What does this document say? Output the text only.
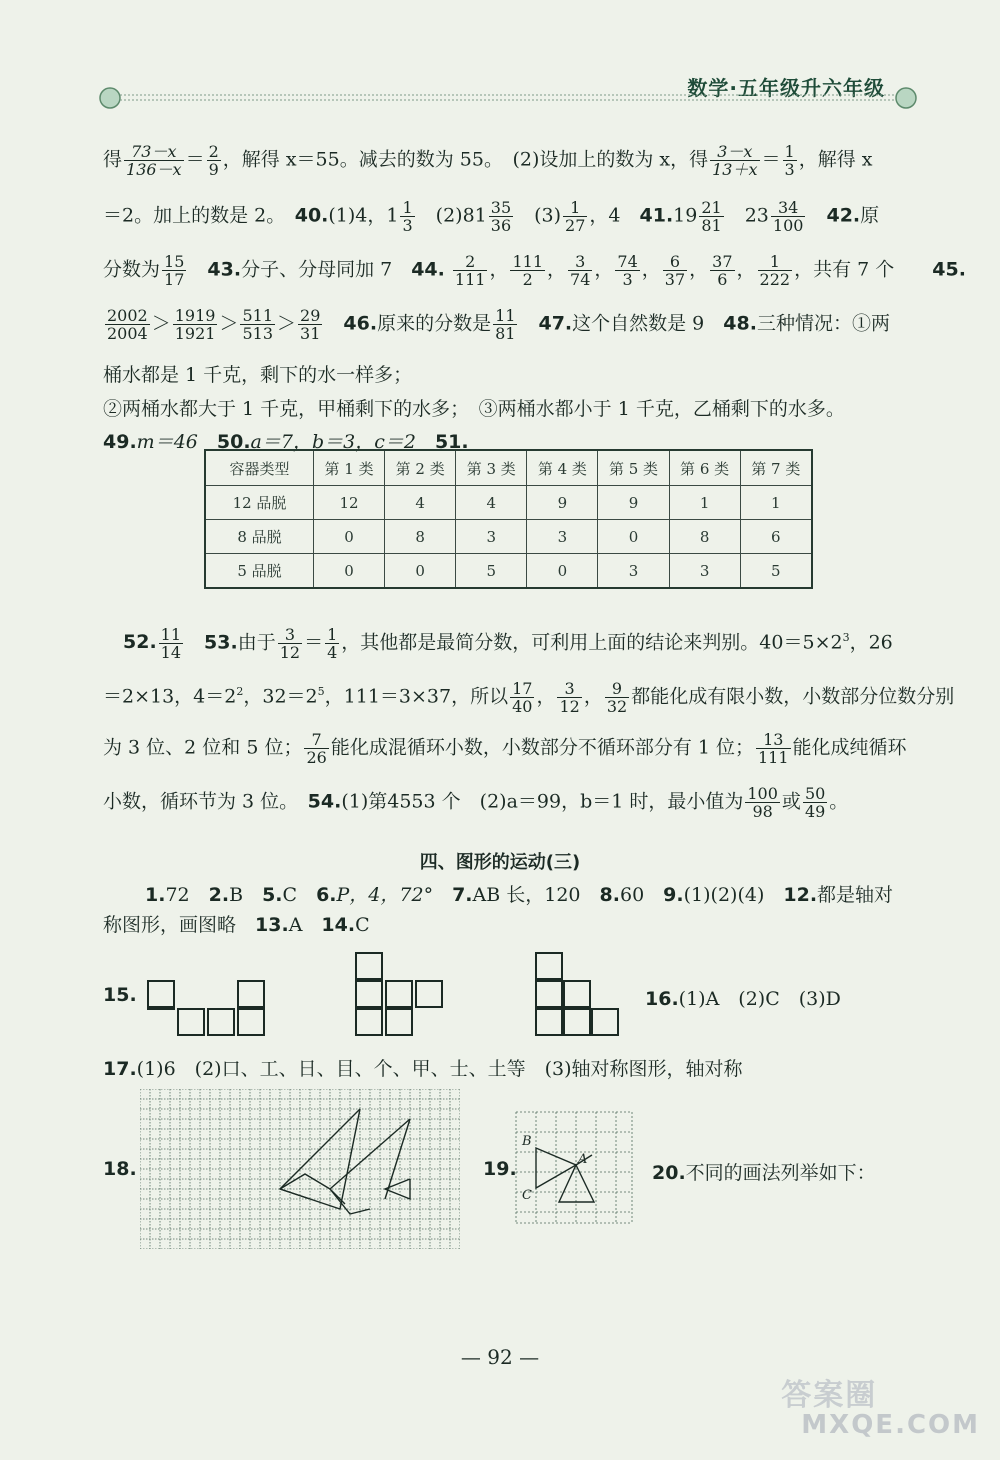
数学·五年级升六年级
得 $\frac{73-x}{136-x} = \frac{2}{9}$ ，解得 x＝55。减去的数为 55。　(2)设加上的数为 x，得 $\frac{3-x}{13+x} = \frac{1}{3}$ ，解得 x
＝2。加上的数是 2。　40.(1)4，$1 \frac{1}{3}$ 　$(2)81 \frac{35}{36}$ 　$(3) \frac{1}{27}$ ，4　$41.19 \frac{21}{81}$ 　$23 \frac{34}{100}$
　 42.原
分数为 $\frac{15}{17}$
　 43.分子、分母同加 7　44. $\frac{2}{111}$ ， $\frac{111}{2}$ ， $\frac{3}{74}$ ， $\frac{74}{3}$ ， $\frac{6}{37}$ ， $\frac{37}{6}$ ， $\frac{1}{222}$ ，共有 7 个　　45.
$\frac{2002}{2004} > \frac{1919}{1921} > \frac{511}{513} > \frac{29}{31}$
　 46.原来的分数是 $\frac{11}{81}$
　 47.这个自然数是 9　48.三种情况：①两
桶水都是 1 千克，剩下的水一样多；
②两桶水都大于 1 千克，甲桶剩下的水多；　③两桶水都小于 1 千克，乙桶剩下的水多。
49.m＝46　50.a＝7，b＝3，c＝2　51.
容器类型	第 1 类	第 2 类	第 3 类	第 4 类	第 5 类	第 6 类	第 7 类
12 品脱	12	4	4	9	9	1	1
8 品脱	0	8	3	3	0	8	6
5 品脱	0	0	5	0	3	3	5
52. $\frac{11}{14}$
　 53.由于 $\frac{3}{12} = \frac{1}{4}$ ，其他都是最简分数，可利用上面的结论来判别。$40=5\times 2^3$，26
＝2×13，$4=2^2$，$32=2^5$，111＝3×37，所以 $\frac{17}{40}$ ， $\frac{3}{12}$ ， $\frac{9}{32}$ 都能化成有限小数，小数部分位数分别
为 3 位、2 位和 5 位； $\frac{7}{26}$ 能化成混循环小数，小数部分不循环部分有 1 位； $\frac{13}{111}$ 能化成纯循环
小数，循环节为 3 位。　54.(1)第4553 个　(2)a＝99，b＝1 时，最小值为 $\frac{100}{98}$ 或 $\frac{50}{49}$ 。
四、图形的运动(三)
1.72　2.B　5.C　6.P，4，72°　7.AB 长，120　8.60　9.(1)(2)(4)　12.都是轴对
称图形，画图略　13.A　14.C
15.	16.(1)A　(2)C　(3)D
17.(1)6　(2)口、工、日、目、个、甲、士、土等　(3)轴对称图形，轴对称
18.	19.
B
C
A
20.不同的画法列举如下：
— 92 —
答案圈
MXQE.COM
